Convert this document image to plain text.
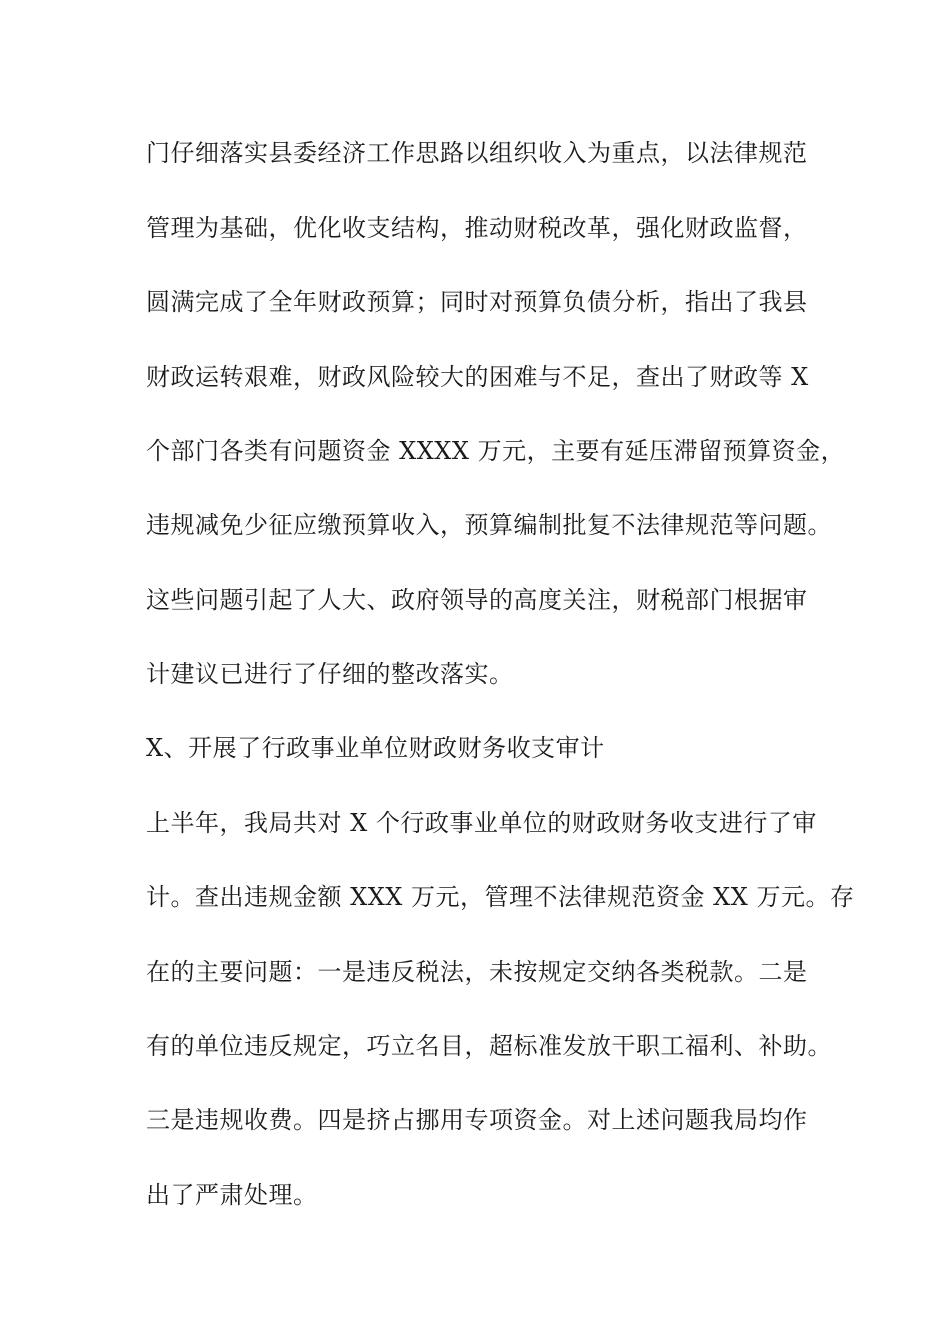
门仔细落实县委经济工作思路以组织收入为重点，以法律规范
管理为基础，优化收支结构，推动财税改革，强化财政监督，
圆满完成了全年财政预算；同时对预算负债分析，指出了我县
财政运转艰难，财政风险较大的困难与不足，查出了财政等 X
个部门各类有问题资金 XXXX 万元，主要有延压滞留预算资金，
违规减免少征应缴预算收入，预算编制批复不法律规范等问题。
这些问题引起了人大、政府领导的高度关注，财税部门根据审
计建议已进行了仔细的整改落实。
X、开展了行政事业单位财政财务收支审计
上半年，我局共对 X 个行政事业单位的财政财务收支进行了审
计。查出违规金额 XXX 万元，管理不法律规范资金 XX 万元。存
在的主要问题：一是违反税法，未按规定交纳各类税款。二是
有的单位违反规定，巧立名目，超标准发放干职工福利、补助。
三是违规收费。四是挤占挪用专项资金。对上述问题我局均作
出了严肃处理。
